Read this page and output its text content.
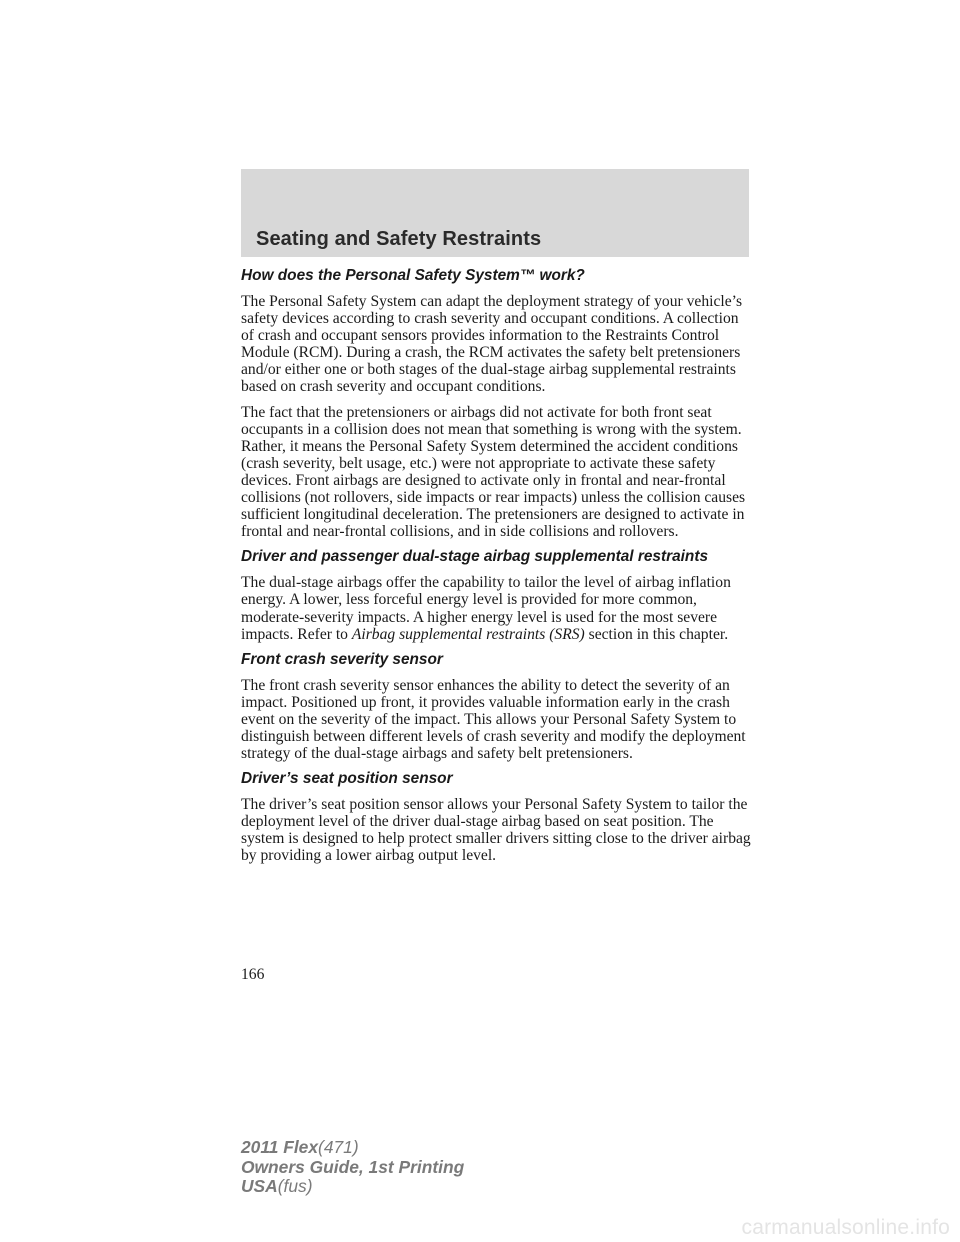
Seating and Safety Restraints
How does the Personal Safety System™ work?

The Personal Safety System can adapt the deployment strategy of your vehicle’s safety devices according to crash severity and occupant conditions. A collection of crash and occupant sensors provides information to the Restraints Control Module (RCM). During a crash, the RCM activates the safety belt pretensioners and/or either one or both stages of the dual-stage airbag supplemental restraints based on crash severity and occupant conditions.

The fact that the pretensioners or airbags did not activate for both front seat occupants in a collision does not mean that something is wrong with the system. Rather, it means the Personal Safety System determined the accident conditions (crash severity, belt usage, etc.) were not appropriate to activate these safety devices. Front airbags are designed to activate only in frontal and near-frontal collisions (not rollovers, side impacts or rear impacts) unless the collision causes sufficient longitudinal deceleration. The pretensioners are designed to activate in frontal and near-frontal collisions, and in side collisions and rollovers.

Driver and passenger dual-stage airbag supplemental restraints

The dual-stage airbags offer the capability to tailor the level of airbag inflation energy. A lower, less forceful energy level is provided for more common, moderate-severity impacts. A higher energy level is used for the most severe impacts. Refer to Airbag supplemental restraints (SRS) section in this chapter.

Front crash severity sensor

The front crash severity sensor enhances the ability to detect the severity of an impact. Positioned up front, it provides valuable information early in the crash event on the severity of the impact. This allows your Personal Safety System to distinguish between different levels of crash severity and modify the deployment strategy of the dual-stage airbags and safety belt pretensioners.

Driver’s seat position sensor

The driver’s seat position sensor allows your Personal Safety System to tailor the deployment level of the driver dual-stage airbag based on seat position. The system is designed to help protect smaller drivers sitting close to the driver airbag by providing a lower airbag output level.

166
2011 Flex(471)
Owners Guide, 1st Printing
USA(fus)
carmanualsonline.info
